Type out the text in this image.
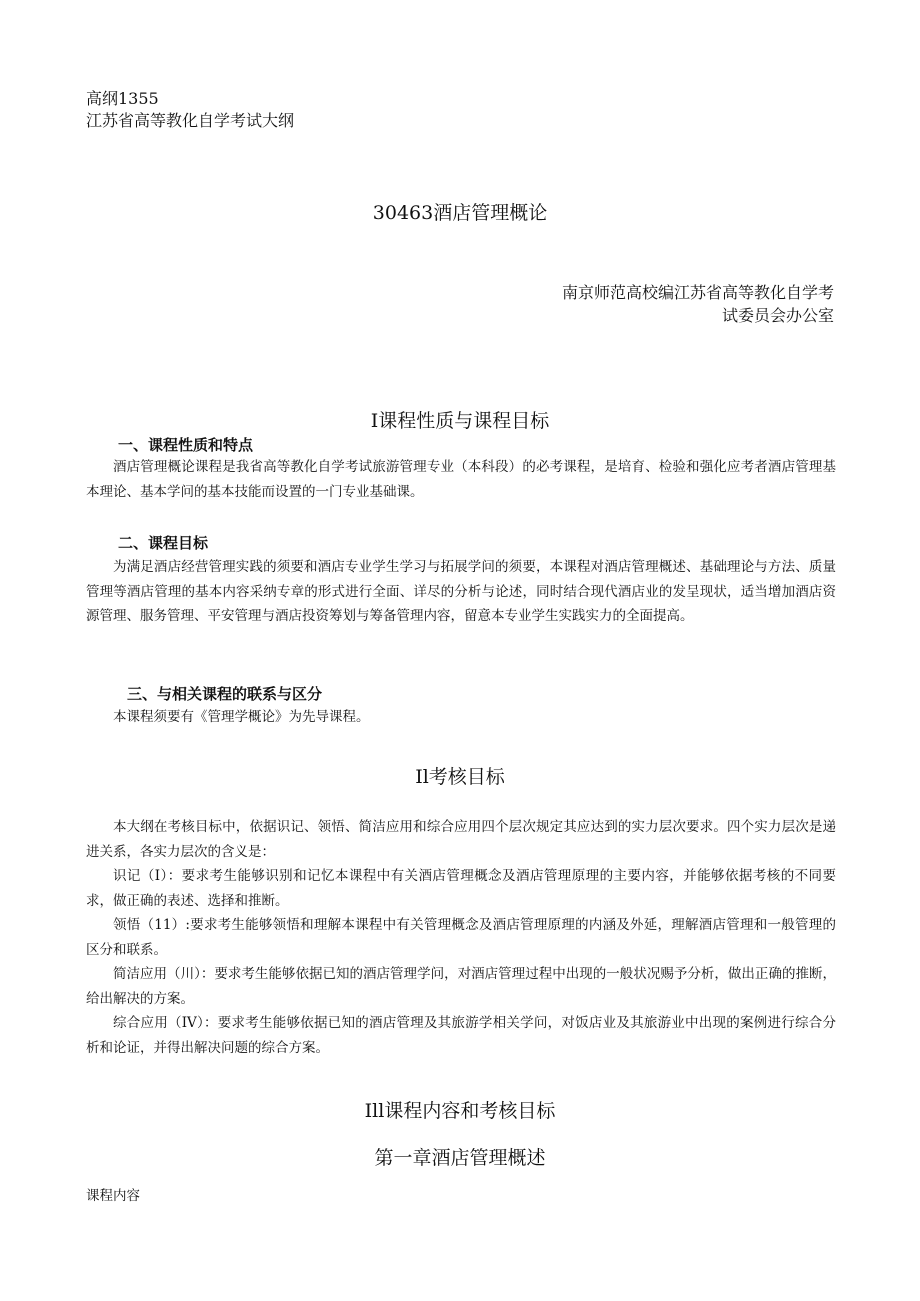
高纲1355
江苏省高等教化自学考试大纲
30463酒店管理概论
南京师范高校编江苏省高等教化自学考
试委员会办公室
I课程性质与课程目标
一、课程性质和特点

酒店管理概论课程是我省高等教化自学考试旅游管理专业（本科段）的必考课程，是培育、检验和强化应考者酒店管理基本理论、基本学问的基本技能而设置的一门专业基础课。

二、课程目标

为满足酒店经营管理实践的须要和酒店专业学生学习与拓展学问的须要，本课程对酒店管理概述、基础理论与方法、质量管理等酒店管理的基本内容采纳专章的形式进行全面、详尽的分析与论述，同时结合现代酒店业的发呈现状，适当增加酒店资源管理、服务管理、平安管理与酒店投资筹划与筹备管理内容，留意本专业学生实践实力的全面提高。

三、与相关课程的联系与区分

本课程须要有《管理学概论》为先导课程。

Il考核目标

本大纲在考核目标中，依据识记、领悟、简洁应用和综合应用四个层次规定其应达到的实力层次要求。四个实力层次是递进关系，各实力层次的含义是：

识记（I）：要求考生能够识别和记忆本课程中有关酒店管理概念及酒店管理原理的主要内容，并能够依据考核的不同要求，做正确的表述、选择和推断。

领悟（11）:要求考生能够领悟和理解本课程中有关管理概念及酒店管理原理的内涵及外延，理解酒店管理和一般管理的区分和联系。

简洁应用（川）：要求考生能够依据已知的酒店管理学问，对酒店管理过程中出现的一般状况赐予分析，做出正确的推断，给出解决的方案。

综合应用（IV）：要求考生能够依据已知的酒店管理及其旅游学相关学问，对饭店业及其旅游业中出现的案例进行综合分析和论证，并得出解决问题的综合方案。

Ill课程内容和考核目标
第一章酒店管理概述
课程内容
